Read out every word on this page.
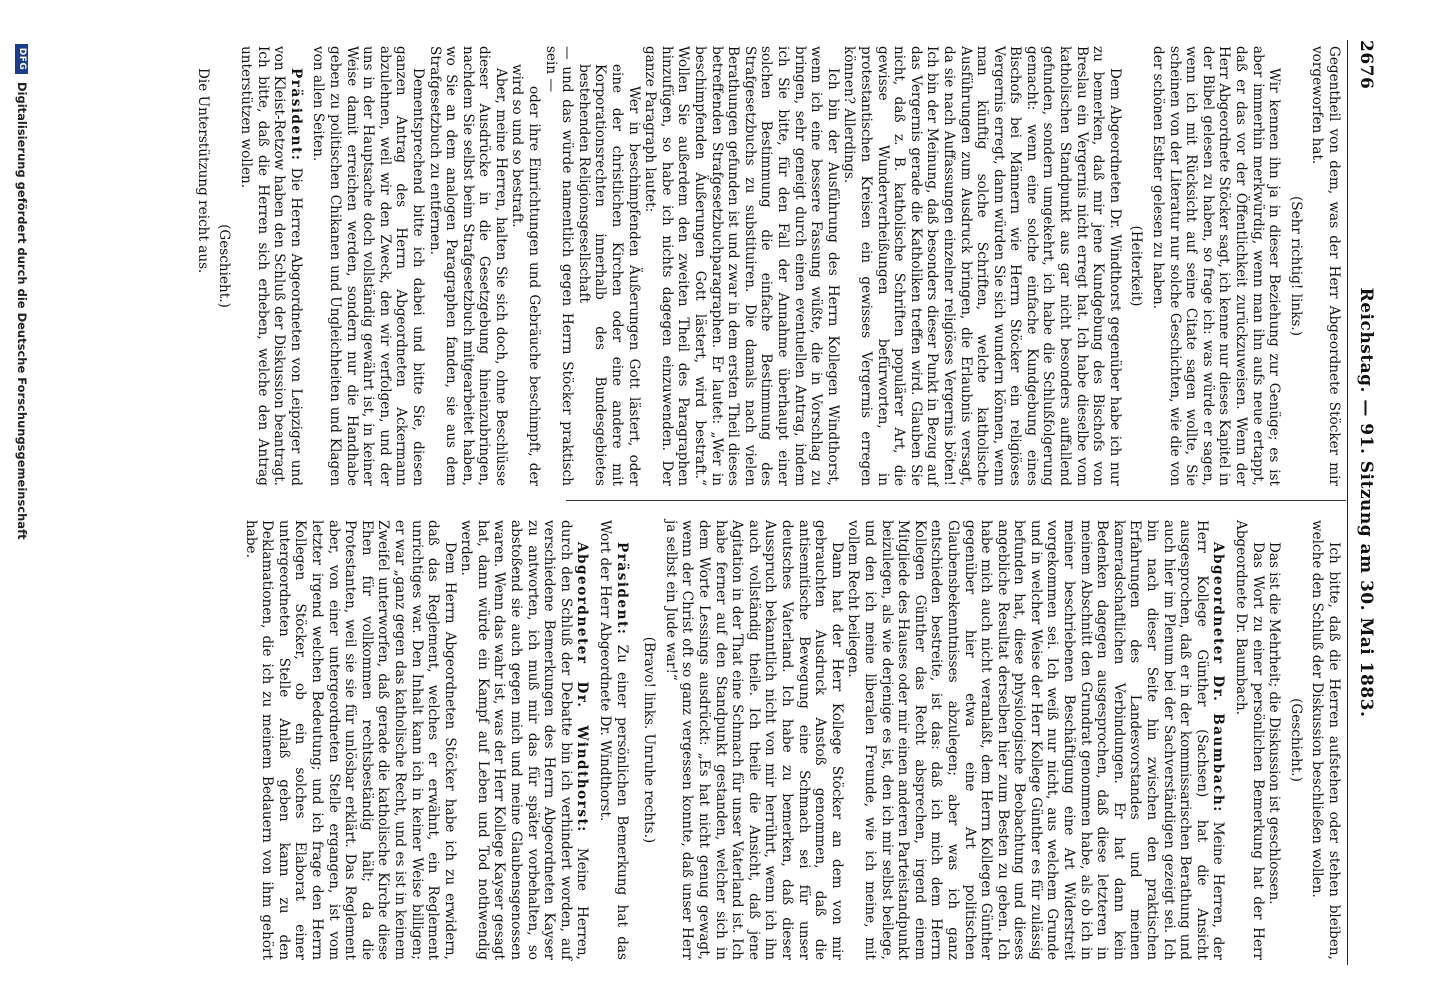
2676
Reichstag. — 91. Sitzung am 30. Mai 1883.

Gegentheil von dem, was der Herr Abgeordnete Stöcker mir vorgeworfen hat.

(Sehr richtig! links.)

Wir kennen ihn ja in dieser Beziehung zur Genüge; es ist aber immerhin merkwürdig, wenn man ihn aufs neue ertappt, daß er das vor der Öffentlichkeit zurückzuweisen. Wenn der Herr Abgeordnete Stöcker sagt, ich kenne nur dieses Kapitel in der Bibel gelesen zu haben, so frage ich: was würde er sagen, wenn ich mit Rücksicht auf seine Citate sagen wollte, Sie scheinen von der Literatur nur solche Geschichten, wie die von der schönen Esther gelesen zu haben.

(Heiterkeit)

Dem Abgeordneten Dr. Windthorst gegenüber habe ich nur zu bemerken, daß mir jene Kundgebung des Bischofs von Breslau ein Vergernis nicht erregt hat. Ich habe dieselbe vom katholischen Standpunkt aus gar nicht besonders auffallend gefunden, sondern umgekehrt, ich habe die Schlußfolgerung gemacht: wenn eine solche einfache Kundgebung eines Bischofs bei Männern wie Herrn Stöcker ein religiöses Vergernis erregt, dann würden Sie sich wundern können, wenn man künftig solche Schriften, welche katholische Ausführungen zum Ausdruck bringen, die Erlaubnis versagt, da sie nach Auffassungen einzelner religiöses Vergernis böten! Ich bin der Meinung, daß besonders dieser Punkt in Bezug auf das Vergernis gerade die Katholiken treffen wird. Glauben Sie nicht, daß z. B. katholische Schriften populärer Art, die gewisse Wunderverheißungen befürworten, in protestantischen Kreisen ein gewisses Vergernis erregen können? Allerdings.

Ich bin der Ausführung des Herrn Kollegen Windthorst, wenn ich eine bessere Fassung wüßte, die in Vorschlag zu bringen, sehr geneigt durch einen eventuellen Antrag, indem ich Sie bitte, für den Fall der Annahme überhaupt einer solchen Bestimmung die einfache Bestimmung des Strafgesetzbuchs zu substituiren. Die damals nach vielen Berathungen gefunden ist und zwar in dem ersten Theil dieses betreffenden Strafgesetzbuchparagraphen. Er lautet: „Wer in beschimpfenden Äußerungen Gott lästert, wird bestraft.“ Wollen Sie außerdem den zweiten Theil des Paragraphen hinzufügen, so habe ich nichts dagegen einzuwenden. Der ganze Paragraph lautet:

Wer in beschimpfenden Äußerungen Gott lästert, oder eine der christlichen Kirchen oder eine andere mit Korporationsrechten innerhalb des Bundesgebietes bestehenden Religionsgesellschaft

— und das würde namentlich gegen Herrn Stöcker praktisch sein —

oder ihre Einrichtungen und Gebräuche beschimpft, der wird so und so bestraft.

Aber, meine Herren, halten Sie sich doch, ohne Beschlüsse dieser Ausdrücke in die Gesetzgebung hineinzubringen, nachdem Sie selbst beim Strafgesetzbuch mitgearbeitet haben, wo Sie an dem analogen Paragraphen fanden, sie aus dem Strafgesetzbuch zu entfernen.

Dementsprechend bitte ich dabei und bitte Sie, diesen ganzen Antrag des Herrn Abgeordneten Ackermann abzulehnen, weil wir den Zweck, den wir verfolgen, und der uns in der Hauptsache doch vollständig gewährt ist, in keiner Weise damit erreichen werden, sondern nur die Handhabe geben zu politischen Chikanen und Ungleichheiten und Klagen von allen Seiten.

Präsident: Die Herren Abgeordneten von Leipziger und von Kleist-Retzow haben den Schluß der Diskussion beantragt. Ich bitte, daß die Herren sich erheben, welche den Antrag unterstützen wollen.

(Geschieht.)

Die Unterstützung reicht aus.

Ich bitte, daß die Herren aufstehen oder stehen bleiben, welche den Schluß der Diskussion beschließen wollen.

(Geschieht.)

Das ist die Mehrheit; die Diskussion ist geschlossen.

Das Wort zu einer persönlichen Bemerkung hat der Herr Abgeordnete Dr. Baumbach.

Abgeordneter Dr. Baumbach: Meine Herren, der Herr Kollege Günther (Sachsen) hat die Ansicht ausgesprochen, daß er in der kommissarischen Berathung und auch hier im Plenum bei der Sachverständigen gezeigt sei. Ich bin nach dieser Seite hin zwischen den praktischen Erfahrungen des Landesvorstandes und meinen kameradschaftlichen Verbindungen. Er hat dann kein Bedenken dagegen ausgesprochen, daß diese letzteren in meinem Abschnitt den Grundrat genommen habe, als ob ich in meiner beschriebenen Beschäftigung eine Art Widerstreit vorgekommen sei. Ich weiß nur nicht, aus welchem Grunde und in welcher Weise der Herr Kollege Günther es für zulässig befunden hat, diese physiologische Beobachtung und dieses angebliche Resultat derselben hier zum Besten zu geben. Ich habe mich auch nicht veranlaßt, dem Herrn Kollegen Günther gegenüber hier etwa eine Art politischen Glaubensbekenntnisses abzulegen; aber was ich ganz entschieden bestreite, ist das: daß ich mich dem Herrn Kollegen Günther das Recht absprechen, irgend einem Mitgliede des Hauses oder mir einen anderen Parteistandpunkt beizulegen, als wie derjenige es ist, den ich mir selbst beilege, und den ich meine liberalen Freunde, wie ich meine, mit vollem Recht beilegen.

Dann hat der Herr Kollege Stöcker an dem von mir gebrauchten Ausdruck Anstoß genommen, daß die antisemitische Bewegung eine Schmach sei für unser deutsches Vaterland. Ich habe zu bemerken, daß dieser Ausspruch bekanntlich nicht von mir herrührt, wenn ich ihn auch vollständig theile. Ich theile die Ansicht, daß jene Agitation in der That eine Schmach für unser Vaterland ist. Ich habe ferner auf den Standpunkt gestanden, welcher sich in dem Worte Lessings ausdrückt: „Es hat nicht genug gewagt, wenn der Christ oft so ganz vergessen konnte, daß unser Herr ja selbst ein Jude war!“

(Bravo! links. Unruhe rechts.)

Präsident: Zu einer persönlichen Bemerkung hat das Wort der Herr Abgeordnete Dr. Windthorst.

Abgeordneter Dr. Windthorst: Meine Herren, durch den Schluß der Debatte bin ich verhindert worden, auf verschiedene Bemerkungen des Herrn Abgeordneten Kayser zu antworten, ich muß mir das für später vorbehalten, so abstoßend sie auch gegen mich und meine Glaubensgenossen waren. Wenn das wahr ist, was der Herr Kollege Kayser gesagt hat, dann würde ein Kampf auf Leben und Tod nothwendig werden.

Dem Herrn Abgeordneten Stöcker habe ich zu erwidern, daß das Reglement, welches er erwähnt, ein Reglement unrichtiges war. Den Inhalt kann ich in keiner Weise billigen; er war „ganz gegen das katholische Recht, und es ist in keinem Zweifel unterworfen, daß gerade die katholische Kirche diese Ehen für vollkommen rechtsbeständig hält; da die Protestanten, weil sie sie für unlösbar erklärt. Das Reglement aber, von einer untergeordneten Stelle ergangen, ist vom letzter irgend welchen Bedeutung; und ich frage den Herrn Kollegen Stöcker, ob ein solches Elaborat einer untergeordneten Stelle Anlaß geben kann zu den Deklamationen, die ich zu meinem Bedauern von ihm gehört habe.

DFG Digitalisierung gefördert durch die Deutsche Forschungsgemeinschaft
